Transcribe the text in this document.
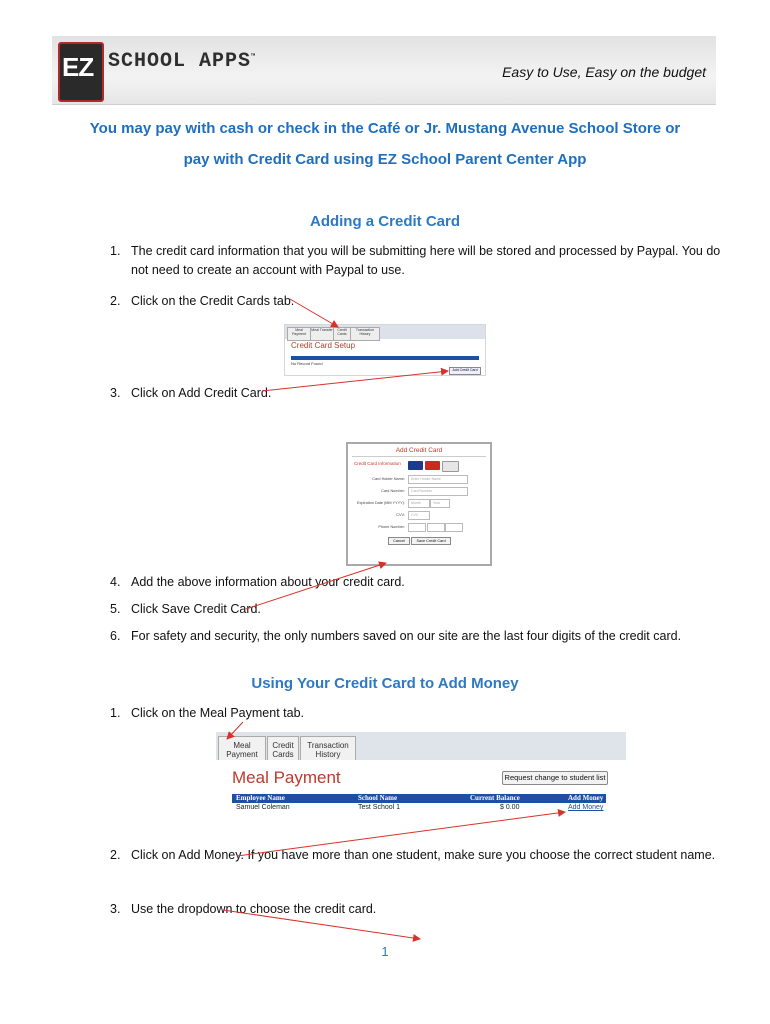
EZ SCHOOL APPS™
Easy to Use, Easy on the budget
You may pay with cash or check in the Café or Jr. Mustang Avenue School Store or
pay with Credit Card using EZ School Parent Center App
Adding a Credit Card
1. The credit card information that you will be submitting here will be stored and processed by Paypal. You do not need to create an account with Paypal to use.
2. Click on the Credit Cards tab.
Meal Payment
Meal Transfer	Credit Cards
Transaction History
Credit Card Setup
No Record Found
Add Credit Card
3. Click on Add Credit Card.
Add Credit Card
Credit Card Information
Card Holder Name:	Enter Holder Name
Card Number:	Card Number
Expiration Date (MM YYYY):	Month	Year
CVV:	CVV
Phone Number:
Cancel	Save Credit Card
4. Add the above information about your credit card.
5. Click Save Credit Card.
6. For safety and security, the only numbers saved on our site are the last four digits of the credit card.
Using Your Credit Card to Add Money
1. Click on the Meal Payment tab.
Meal Payment
Credit Cards
Transaction History
Meal Payment	Request change to student list
Employee Name	School Name	Current Balance	Add Money
Samuel Coleman	Test School 1	$ 0.00	Add Money
2. Click on Add Money. If you have more than one student, make sure you choose the correct student name.
3. Use the dropdown to choose the credit card.
1
